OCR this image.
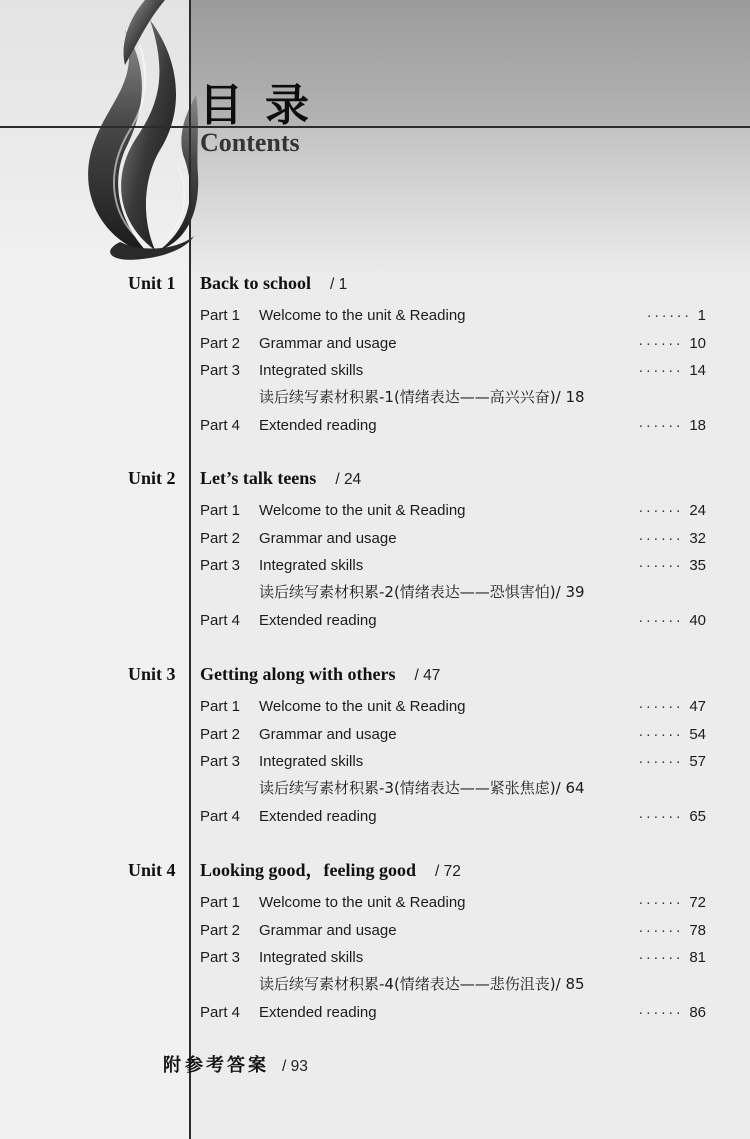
目录
Contents
Unit 1 Back to school / 1
Part 1 Welcome to the unit & Reading	······ 1
Part 2 Grammar and usage	······ 10
Part 3 Integrated skills	······ 14
读后续写素材积累-1(情绪表达——高兴兴奋)/ 18
Part 4 Extended reading	······ 18
Unit 2 Let’s talk teens / 24
Part 1 Welcome to the unit & Reading	······ 24
Part 2 Grammar and usage	······ 32
Part 3 Integrated skills	······ 35
读后续写素材积累-2(情绪表达——恐惧害怕)/ 39
Part 4 Extended reading	······ 40
Unit 3 Getting along with others / 47
Part 1 Welcome to the unit & Reading	······ 47
Part 2 Grammar and usage	······ 54
Part 3 Integrated skills	······ 57
读后续写素材积累-3(情绪表达——紧张焦虑)/ 64
Part 4 Extended reading	······ 65
Unit 4 Looking good，feeling good / 72
Part 1 Welcome to the unit & Reading	······ 72
Part 2 Grammar and usage	······ 78
Part 3 Integrated skills	······ 81
读后续写素材积累-4(情绪表达——悲伤沮丧)/ 85
Part 4 Extended reading	······ 86
附 参考答案 / 93
